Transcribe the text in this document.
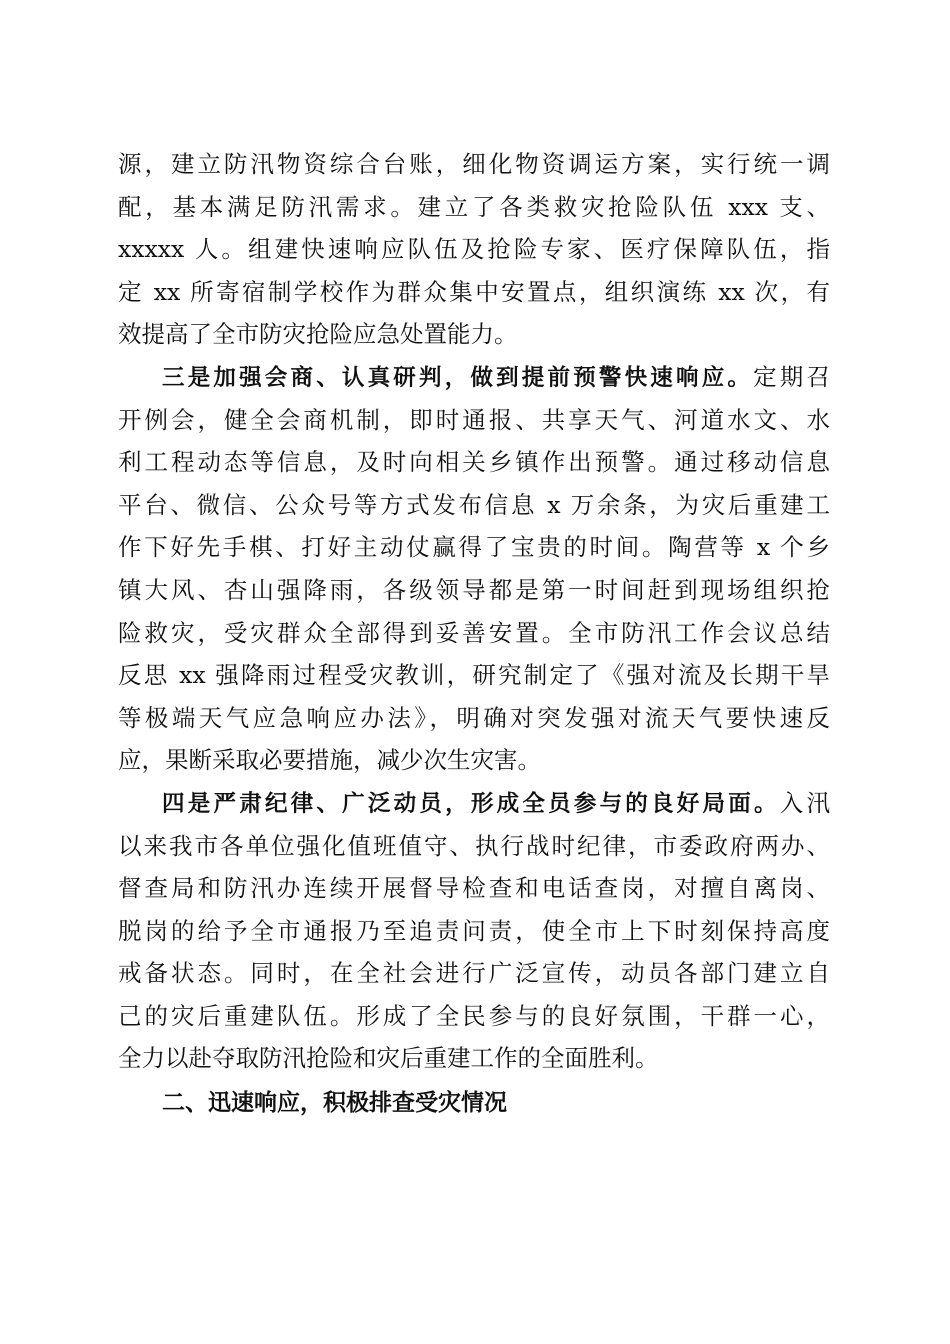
源，建立防汛物资综合台账，细化物资调运方案，实行统一调
配，基本满足防汛需求。建立了各类救灾抢险队伍 xxx 支、
xxxxx 人。组建快速响应队伍及抢险专家、医疗保障队伍，指
定 xx 所寄宿制学校作为群众集中安置点，组织演练 xx 次，有
效提高了全市防灾抢险应急处置能力。
三是加强会商、认真研判，做到提前预警快速响应。定期召
开例会，健全会商机制，即时通报、共享天气、河道水文、水
利工程动态等信息，及时向相关乡镇作出预警。通过移动信息
平台、微信、公众号等方式发布信息 x 万余条，为灾后重建工
作下好先手棋、打好主动仗赢得了宝贵的时间。陶营等 x 个乡
镇大风、杏山强降雨，各级领导都是第一时间赶到现场组织抢
险救灾，受灾群众全部得到妥善安置。全市防汛工作会议总结
反思 xx 强降雨过程受灾教训，研究制定了《强对流及长期干旱
等极端天气应急响应办法》，明确对突发强对流天气要快速反
应，果断采取必要措施，减少次生灾害。
四是严肃纪律、广泛动员，形成全员参与的良好局面。入汛
以来我市各单位强化值班值守、执行战时纪律，市委政府两办、
督查局和防汛办连续开展督导检查和电话查岗，对擅自离岗、
脱岗的给予全市通报乃至追责问责，使全市上下时刻保持高度
戒备状态。同时，在全社会进行广泛宣传，动员各部门建立自
己的灾后重建队伍。形成了全民参与的良好氛围，干群一心，
全力以赴夺取防汛抢险和灾后重建工作的全面胜利。
二、迅速响应，积极排查受灾情况
